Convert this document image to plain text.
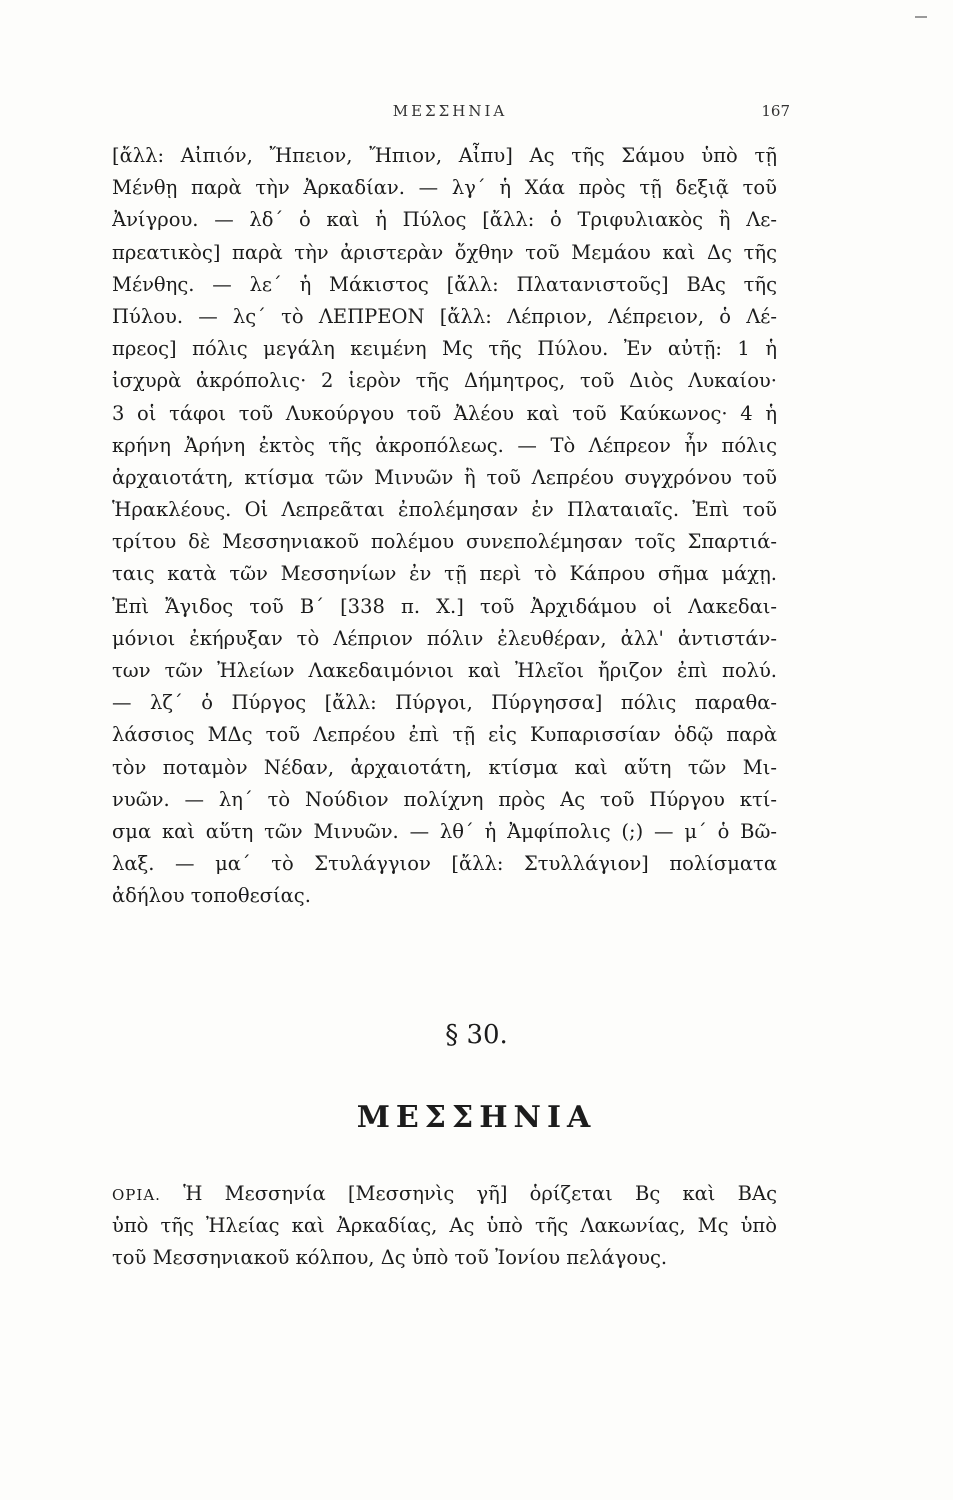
ΜΕΣΣΗΝΙΑ	167
[ἄλλ: Αἰπιόν, Ἤπειον, Ἤπιον, Αἶπυ] Ας τῆς Σάμου ὑπὸ τῇ
Μένθῃ παρὰ τὴν Ἀρκαδίαν. — λγ΄ ἡ Χάα πρὸς τῇ δεξιᾷ τοῦ
Ἀνίγρου. — λδ΄ ὁ καὶ ἡ Πύλος [ἄλλ: ὁ Τριφυλιακὸς ἢ Λε-
πρεατικὸς] παρὰ τὴν ἀριστερὰν ὄχθην τοῦ Μεμάου καὶ Δς τῆς
Μένθης. — λε΄ ἡ Μάκιστος [ἄλλ: Πλατανιστοῦς] ΒΑς τῆς
Πύλου. — λς΄ τὸ ΛΕΠΡΕΟΝ [ἄλλ: Λέπριον, Λέπρειον, ὁ Λέ-
πρεος] πόλις μεγάλη κειμένη Μς τῆς Πύλου. Ἐν αὐτῇ: 1 ἡ
ἰσχυρὰ ἀκρόπολις· 2 ἱερὸν τῆς Δήμητρος, τοῦ Διὸς Λυκαίου·
3 οἱ τάφοι τοῦ Λυκούργου τοῦ Ἀλέου καὶ τοῦ Καύκωνος· 4 ἡ
κρήνη Ἀρήνη ἐκτὸς τῆς ἀκροπόλεως. — Τὸ Λέπρεον ἦν πόλις
ἀρχαιοτάτη, κτίσμα τῶν Μινυῶν ἢ τοῦ Λεπρέου συγχρόνου τοῦ
Ἡρακλέους. Οἱ Λεπρεᾶται ἐπολέμησαν ἐν Πλαταιαῖς. Ἐπὶ τοῦ
τρίτου δὲ Μεσσηνιακοῦ πολέμου συνεπολέμησαν τοῖς Σπαρτιά-
ταις κατὰ τῶν Μεσσηνίων ἐν τῇ περὶ τὸ Κάπρου σῆμα μάχῃ.
Ἐπὶ Ἄγιδος τοῦ Β΄ [338 π. Χ.] τοῦ Ἀρχιδάμου οἱ Λακεδαι-
μόνιοι ἐκήρυξαν τὸ Λέπριον πόλιν ἐλευθέραν, ἀλλ' ἀντιστάν-
των τῶν Ἠλείων Λακεδαιμόνιοι καὶ Ἠλεῖοι ἤριζον ἐπὶ πολύ.
— λζ΄ ὁ Πύργος [ἄλλ: Πύργοι, Πύργησσα] πόλις παραθα-
λάσσιος ΜΔς τοῦ Λεπρέου ἐπὶ τῇ εἰς Κυπαρισσίαν ὁδῷ παρὰ
τὸν ποταμὸν Νέδαν, ἀρχαιοτάτη, κτίσμα καὶ αὕτη τῶν Μι-
νυῶν. — λη΄ τὸ Νούδιον πολίχνη πρὸς Ας τοῦ Πύργου κτί-
σμα καὶ αὕτη τῶν Μινυῶν. — λθ΄ ἡ Ἀμφίπολις (;) — μ΄ ὁ Βῶ-
λαξ. — μα΄ τὸ Στυλάγγιον [ἄλλ: Στυλλάγιον] πολίσματα
ἀδήλου τοποθεσίας.
§ 30.
ΜΕΣΣΗΝΙΑ
ΟΡΙΑ. Ἡ Μεσσηνία [Μεσσηνὶς γῆ] ὁρίζεται Βς καὶ ΒΑς
ὑπὸ τῆς Ἠλείας καὶ Ἀρκαδίας, Ας ὑπὸ τῆς Λακωνίας, Μς ὑπὸ
τοῦ Μεσσηνιακοῦ κόλπου, Δς ὑπὸ τοῦ Ἰονίου πελάγους.
